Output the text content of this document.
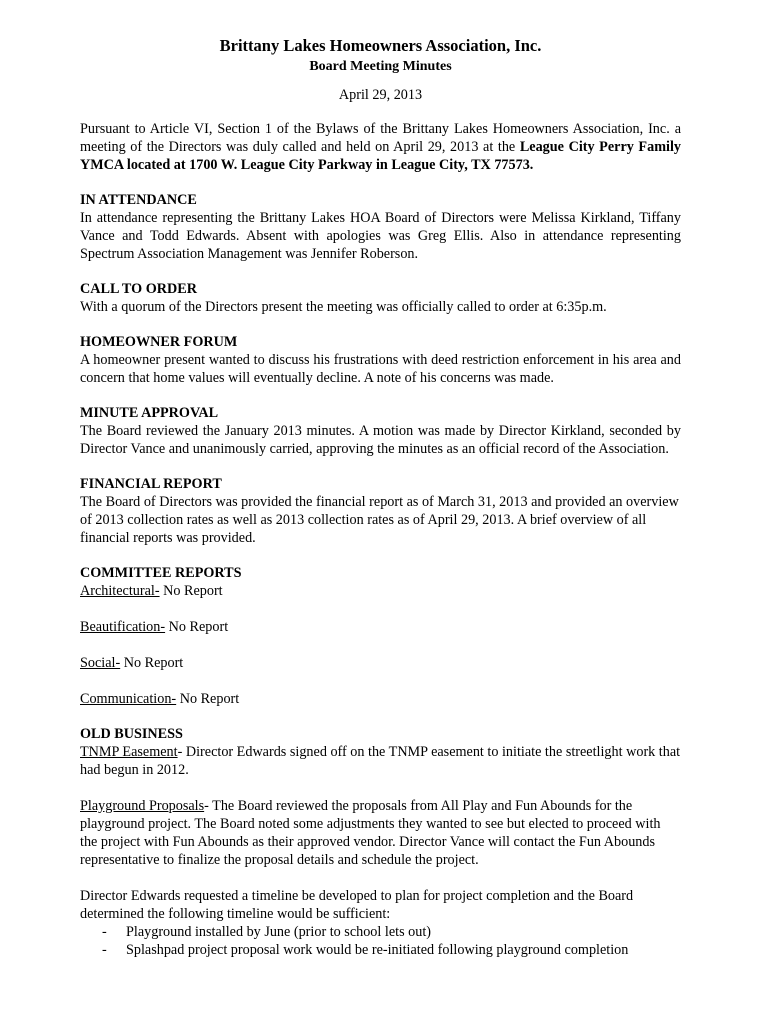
Brittany Lakes Homeowners Association, Inc.
Board Meeting Minutes
April 29, 2013

Pursuant to Article VI, Section 1 of the Bylaws of the Brittany Lakes Homeowners Association, Inc. a meeting of the Directors was duly called and held on April 29, 2013 at the League City Perry Family YMCA located at 1700 W. League City Parkway in League City, TX 77573.

IN ATTENDANCE

In attendance representing the Brittany Lakes HOA Board of Directors were Melissa Kirkland, Tiffany Vance and Todd Edwards. Absent with apologies was Greg Ellis. Also in attendance representing Spectrum Association Management was Jennifer Roberson.

CALL TO ORDER

With a quorum of the Directors present the meeting was officially called to order at 6:35p.m.

HOMEOWNER FORUM

A homeowner present wanted to discuss his frustrations with deed restriction enforcement in his area and concern that home values will eventually decline. A note of his concerns was made.

MINUTE APPROVAL

The Board reviewed the January 2013 minutes. A motion was made by Director Kirkland, seconded by Director Vance and unanimously carried, approving the minutes as an official record of the Association.

FINANCIAL REPORT

The Board of Directors was provided the financial report as of March 31, 2013 and provided an overview of 2013 collection rates as well as 2013 collection rates as of April 29, 2013. A brief overview of all financial reports was provided.

COMMITTEE REPORTS
Architectural- No Report
Beautification- No Report
Social- No Report
Communication- No Report
OLD BUSINESS

TNMP Easement- Director Edwards signed off on the TNMP easement to initiate the streetlight work that had begun in 2012.

Playground Proposals- The Board reviewed the proposals from All Play and Fun Abounds for the playground project. The Board noted some adjustments they wanted to see but elected to proceed with the project with Fun Abounds as their approved vendor. Director Vance will contact the Fun Abounds representative to finalize the proposal details and schedule the project.

Director Edwards requested a timeline be developed to plan for project completion and the Board determined the following timeline would be sufficient:

- Playground installed by June (prior to school lets out)
- Splashpad project proposal work would be re-initiated following playground completion
